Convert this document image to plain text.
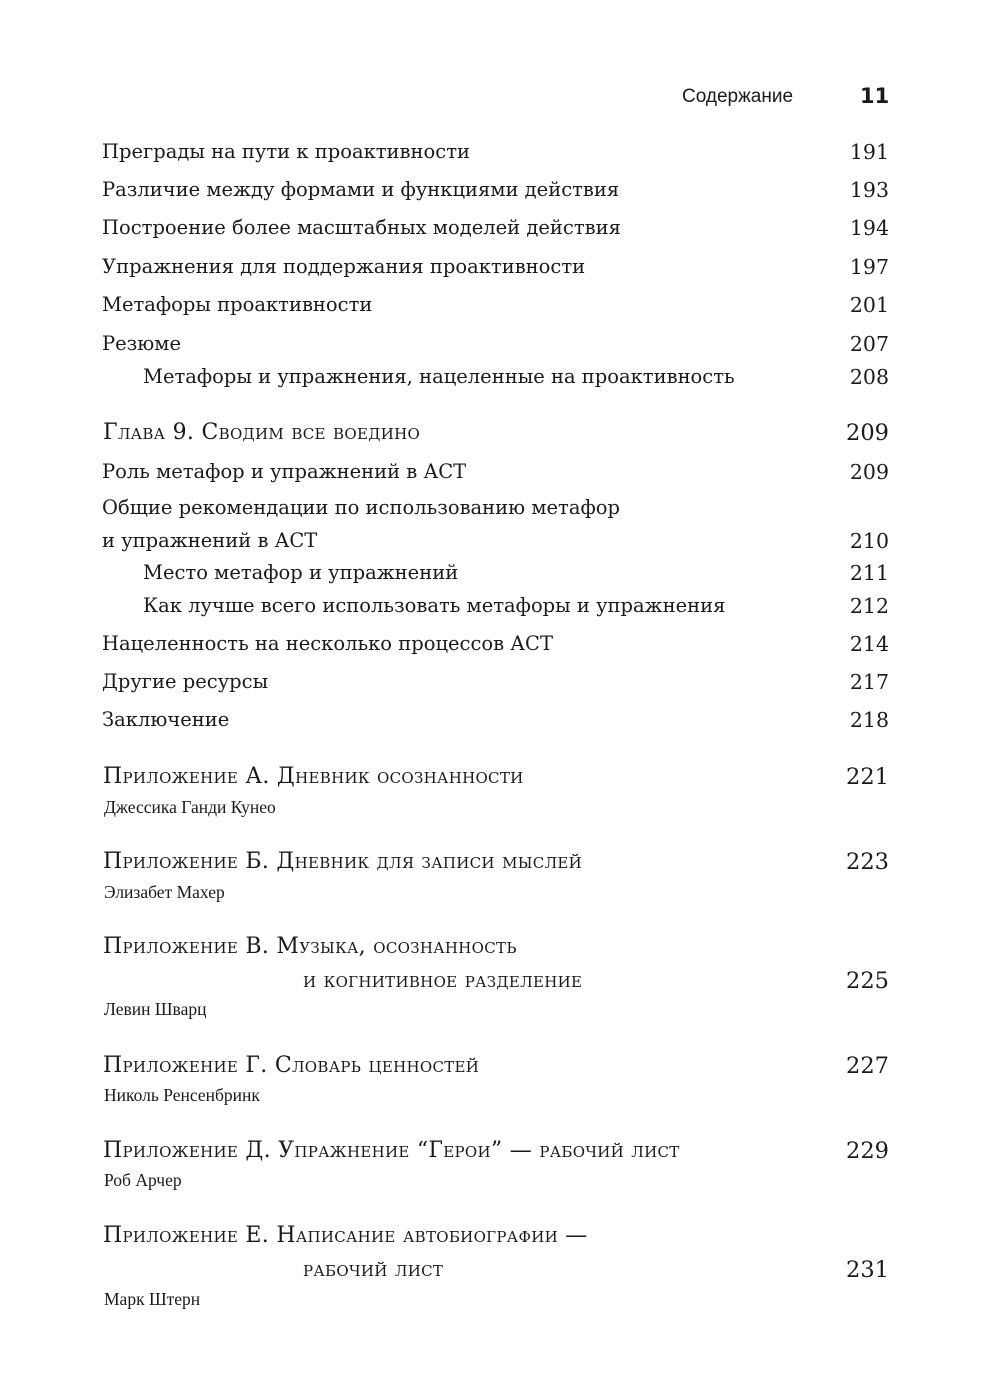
Содержание	11
Преграды на пути к проактивности	191
Различие между формами и функциями действия	193
Построение более масштабных моделей действия	194
Упражнения для поддержания проактивности	197
Метафоры проактивности	201
Резюме	207
Метафоры и упражнения, нацеленные на проактивность	208
Глава 9. Сводим все воедино	209
Роль метафор и упражнений в АСТ	209
Общие рекомендации по использованию метафор
и упражнений в АСТ	210
Место метафор и упражнений	211
Как лучше всего использовать метафоры и упражнения	212
Нацеленность на несколько процессов АСТ	214
Другие ресурсы	217
Заключение	218
Приложение А. Дневник осознанности	221
Джессика Ганди Кунео
Приложение Б. Дневник для записи мыслей	223
Элизабет Махер
Приложение В. Музыка, осознанность
и когнитивное разделение	225
Левин Шварц
Приложение Г. Словарь ценностей	227
Николь Ренсенбринк
Приложение Д. Упражнение “Герои” — рабочий лист	229
Роб Арчер
Приложение Е. Написание автобиографии —
рабочий лист	231
Марк Штерн
